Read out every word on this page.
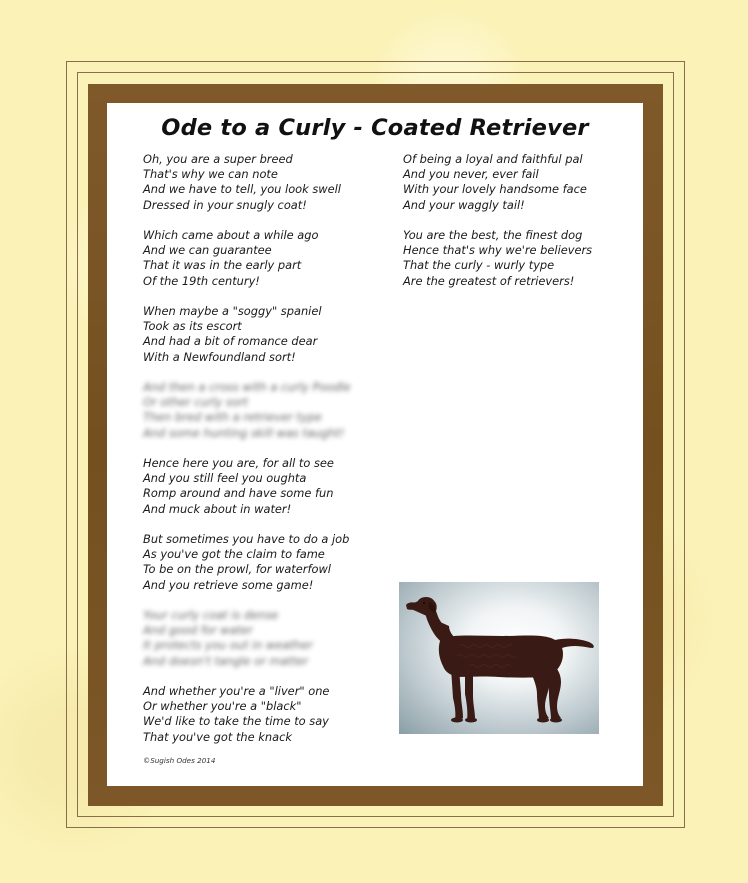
Ode to a Curly - Coated Retriever
Oh, you are a super breed
That's why we can note
And we have to tell, you look swell
Dressed in your snugly coat!
Which came about a while ago
And we can guarantee
That it was in the early part
Of the 19th century!
When maybe a "soggy" spaniel
Took as its escort
And had a bit of romance dear
With a Newfoundland sort!
And then a cross with a curly Poodle
Or other curly sort
Then bred with a retriever type
And some hunting skill was taught!
Hence here you are, for all to see
And you still feel you oughta
Romp around and have some fun
And muck about in water!
But sometimes you have to do a job
As you've got the claim to fame
To be on the prowl, for waterfowl
And you retrieve some game!
Your curly coat is dense
And good for water
It protects you out in weather
And doesn't tangle or matter
And whether you're a "liver" one
Or whether you're a "black"
We'd like to take the time to say
That you've got the knack
Of being a loyal and faithful pal
And you never, ever fail
With your lovely handsome face
And your waggly tail!
You are the best, the finest dog
Hence that's why we're believers
That the curly - wurly type
Are the greatest of retrievers!
©Sugish Odes 2014
